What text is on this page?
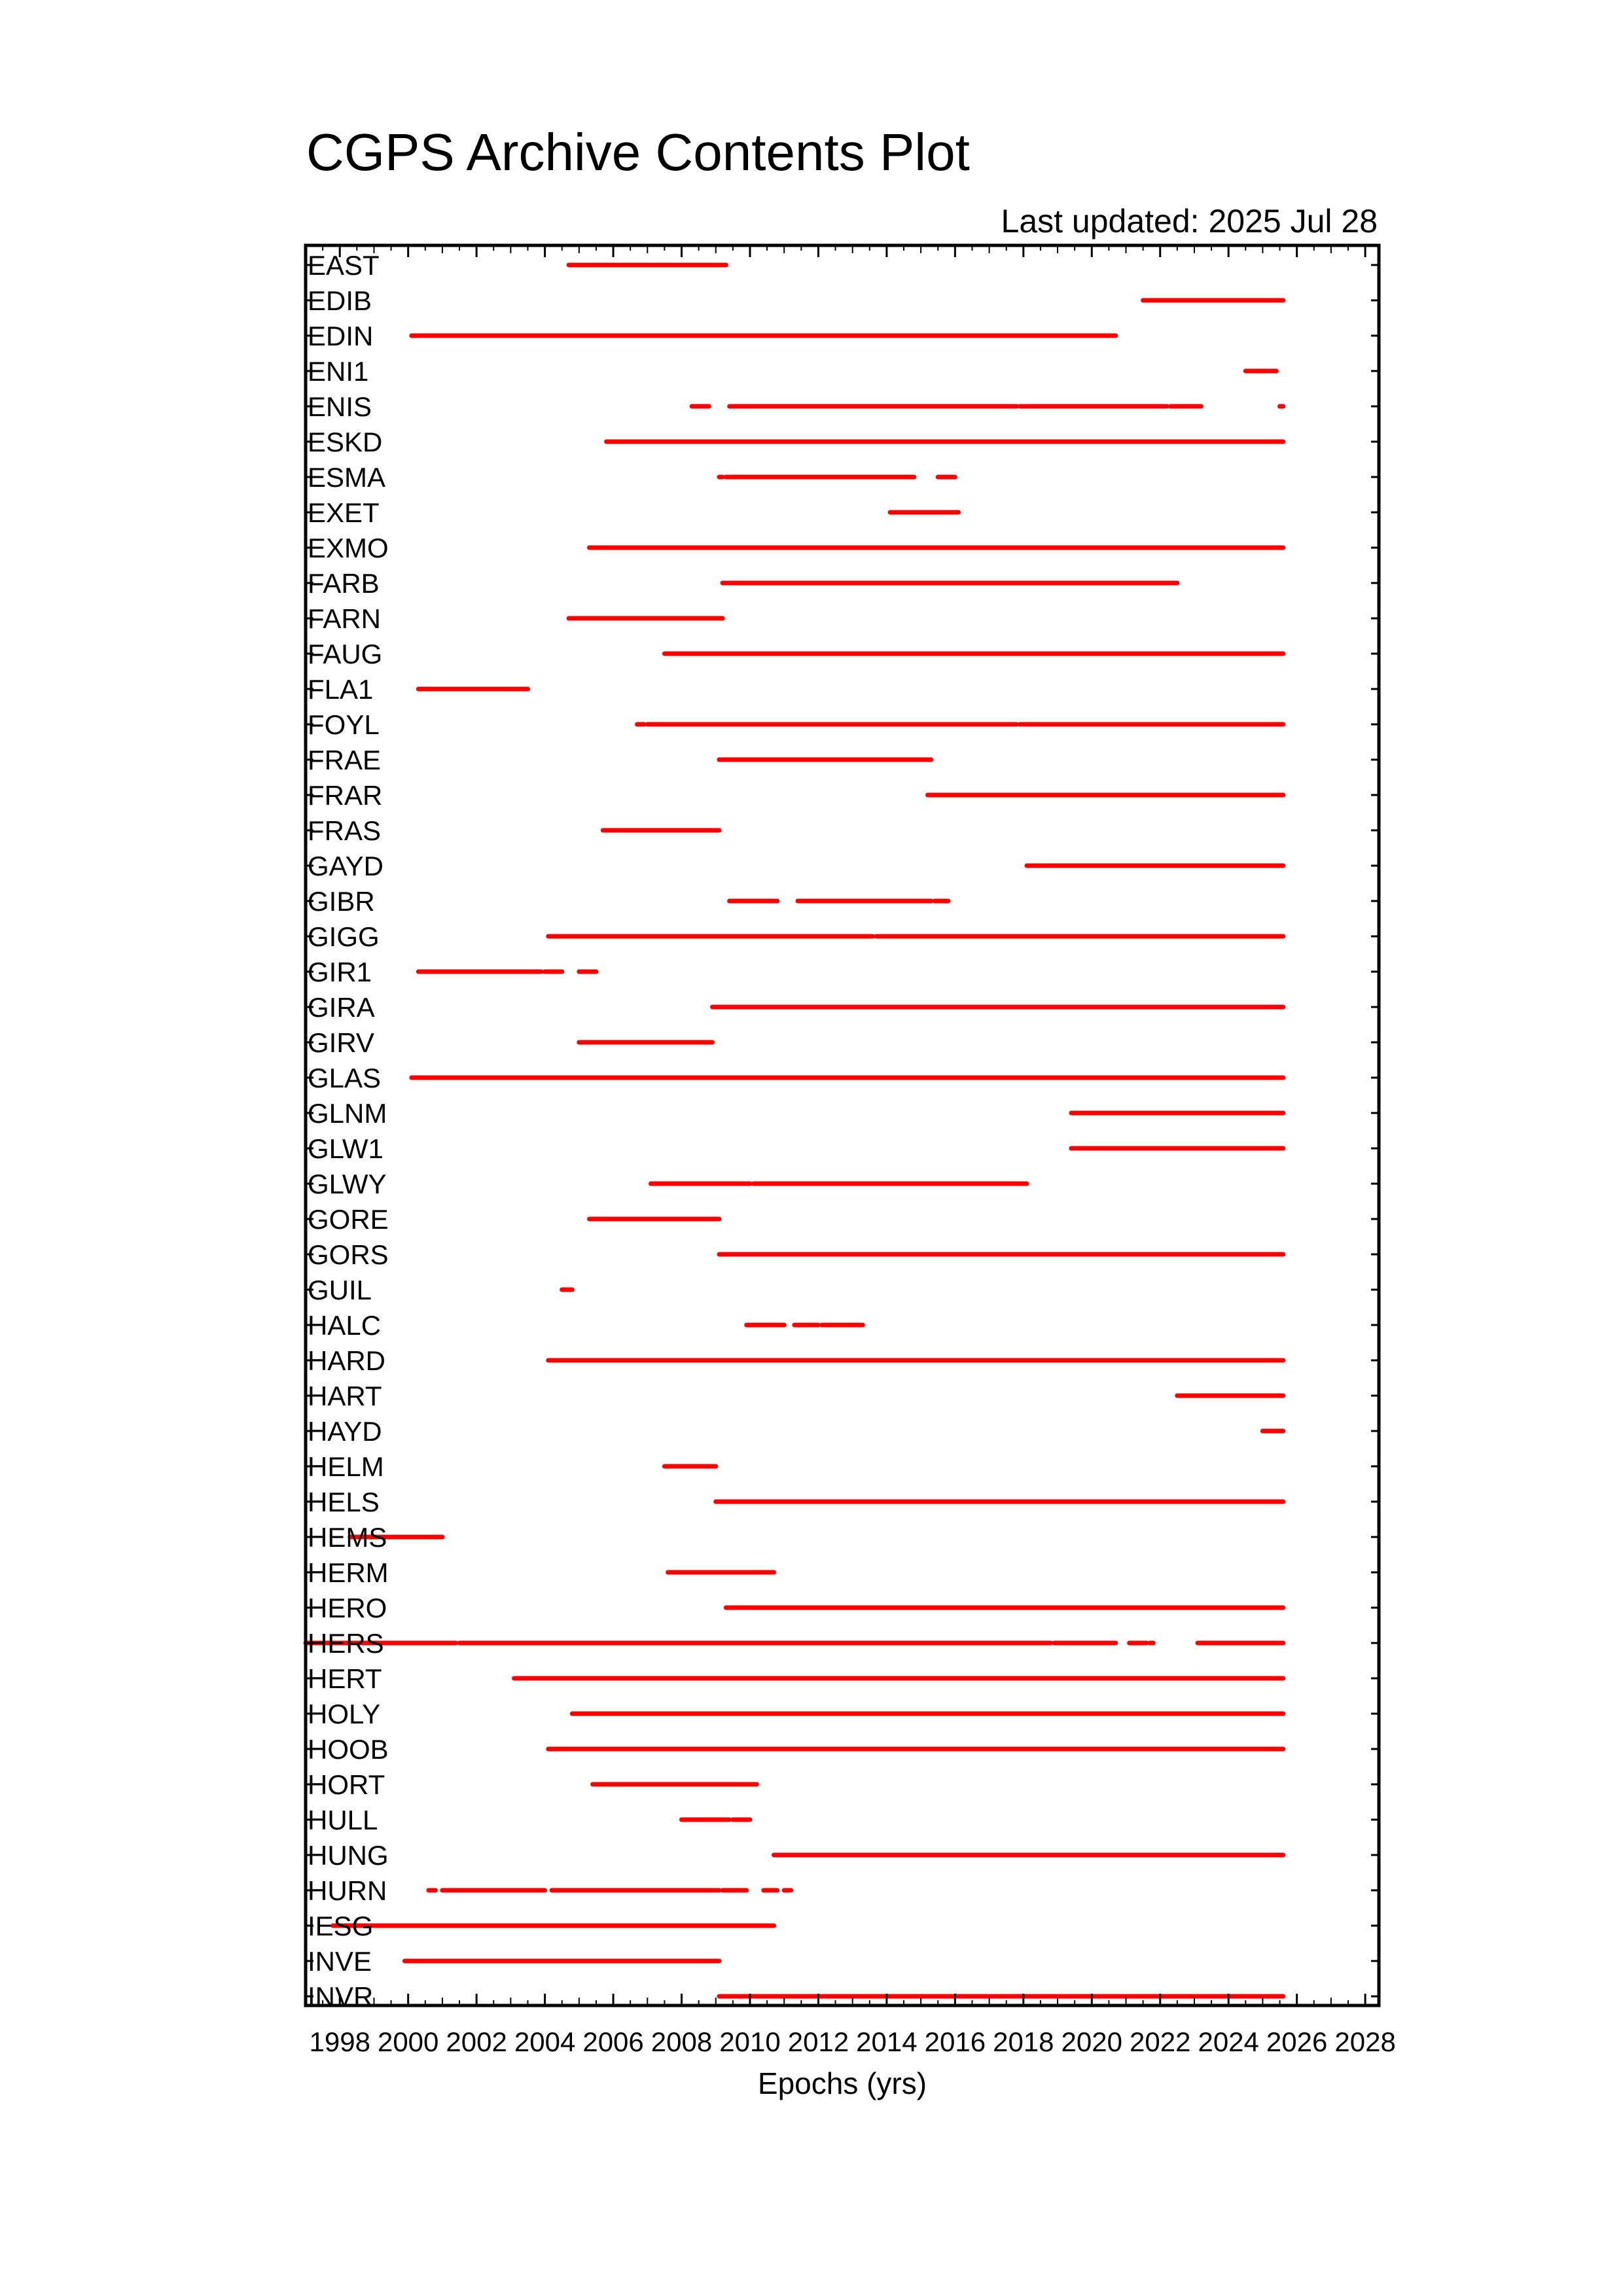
CGPS Archive Contents Plot
Last updated: 2025 Jul 28
EAST
EDIB
EDIN
ENI1
ENIS
ESKD
ESMA
EXET
EXMO
FARB
FARN
FAUG
FLA1
FOYL
FRAE
FRAR
FRAS
GAYD
GIBR
GIGG
GIR1
GIRA
GIRV
GLAS
GLNM
GLW1
GLWY
GORE
GORS
GUIL
HALC
HARD
HART
HAYD
HELM
HELS
HEMS
HERM
HERO
HERS
HERT
HOLY
HOOB
HORT
HULL
HUNG
HURN
IESG
INVE
INVR
1998 2000 2002 2004 2006 2008 2010 2012 2014 2016 2018 2020 2022 2024 2026 2028
Epochs (yrs)
